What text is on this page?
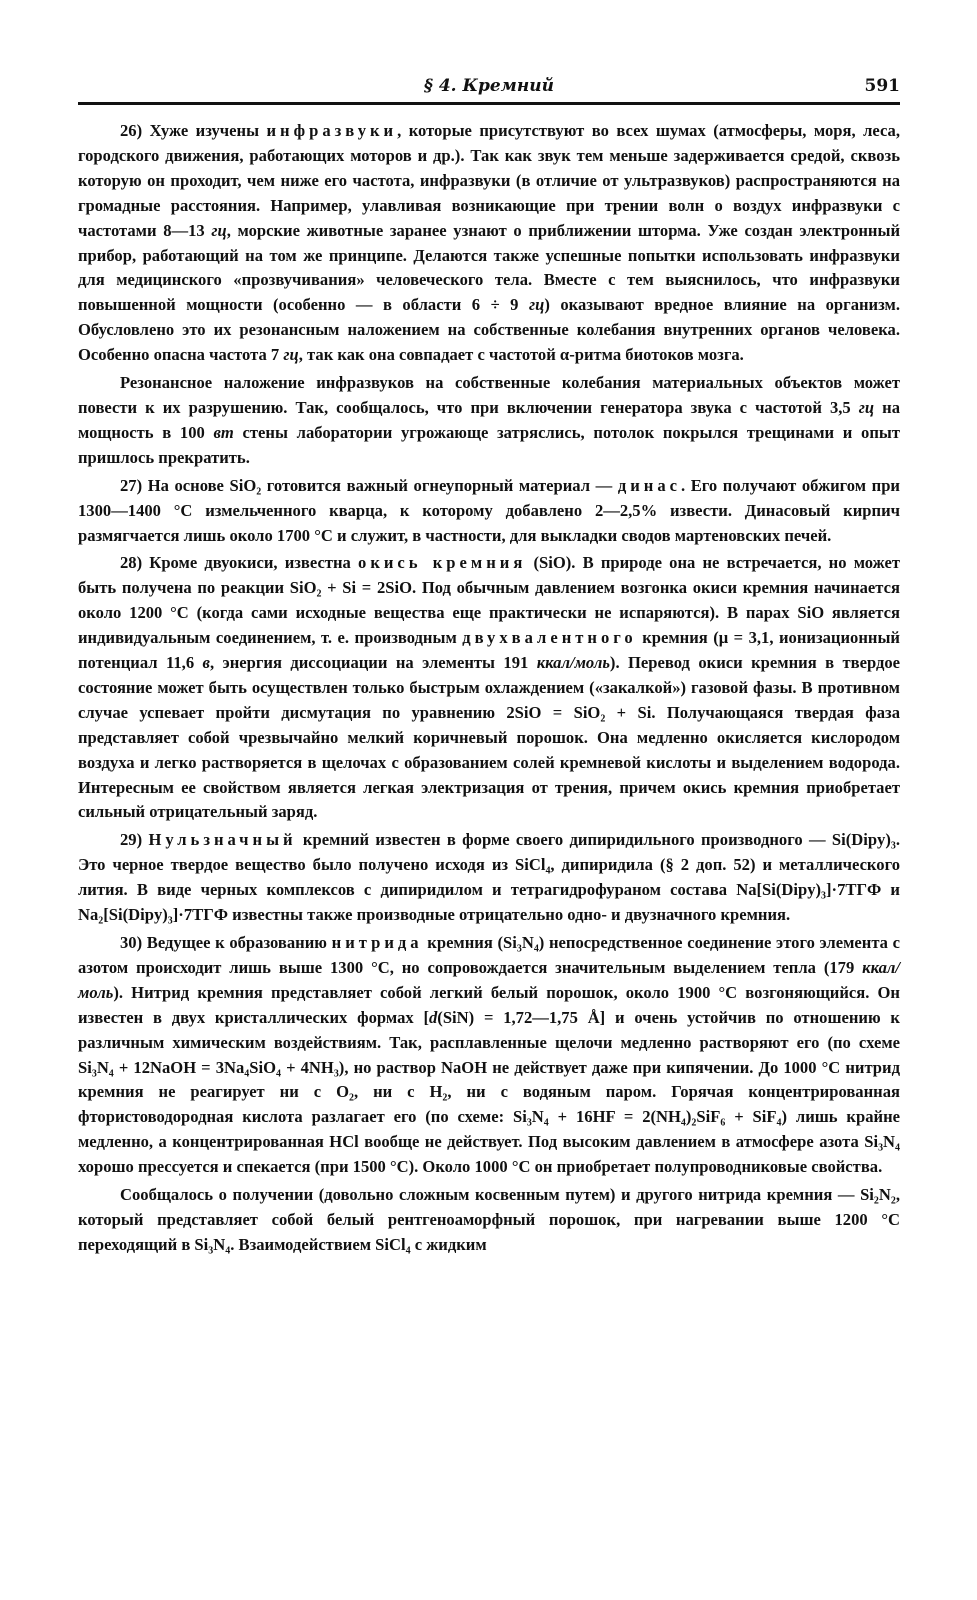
§ 4. Кремний	591

26) Хуже изучены инфразвуки, которые присутствуют во всех шумах (атмосферы, моря, леса, городского движения, работающих моторов и др.). Так как звук тем меньше задерживается средой, сквозь которую он проходит, чем ниже его частота, инфразвуки (в отличие от ультразвуков) распространяются на громадные расстояния. Например, улавливая возникающие при трении волн о воздух инфразвуки с частотами 8—13 гц, морские животные заранее узнают о приближении шторма. Уже создан электронный прибор, работающий на том же принципе. Делаются также успешные попытки использовать инфразвуки для медицинского «прозвучивания» человеческого тела. Вместе с тем выяснилось, что инфразвуки повышенной мощности (особенно — в области 6 ÷ 9 гц) оказывают вредное влияние на организм. Обусловлено это их резонансным наложением на собственные колебания внутренних органов человека. Особенно опасна частота 7 гц, так как она совпадает с частотой α-ритма биотоков мозга.

Резонансное наложение инфразвуков на собственные колебания материальных объектов может повести к их разрушению. Так, сообщалось, что при включении генератора звука с частотой 3,5 гц на мощность в 100 вт стены лаборатории угрожающе затряслись, потолок покрылся трещинами и опыт пришлось прекратить.

27) На основе SiO₂ готовится важный огнеупорный материал — динас. Его получают обжигом при 1300—1400 °C измельченного кварца, к которому добавлено 2—2,5% извести. Динасовый кирпич размягчается лишь около 1700 °C и служит, в частности, для выкладки сводов мартеновских печей.

28) Кроме двуокиси, известна окись кремния (SiO). В природе она не встречается, но может быть получена по реакции SiO₂ + Si = 2SiO. Под обычным давлением возгонка окиси кремния начинается около 1200 °C (когда сами исходные вещества еще практически не испаряются). В парах SiO является индивидуальным соединением, т. е. производным двухвалентного кремния (μ = 3,1, ионизационный потенциал 11,6 в, энергия диссоциации на элементы 191 ккал/моль). Перевод окиси кремния в твердое состояние может быть осуществлен только быстрым охлаждением («закалкой») газовой фазы. В противном случае успевает пройти дисмутация по уравнению 2SiO = SiO₂ + Si. Получающаяся твердая фаза представляет собой чрезвычайно мелкий коричневый порошок. Она медленно окисляется кислородом воздуха и легко растворяется в щелочах с образованием солей кремневой кислоты и выделением водорода. Интересным ее свойством является легкая электризация от трения, причем окись кремния приобретает сильный отрицательный заряд.

29) Нульзначный кремний известен в форме своего дипиридильного производного — Si(Dipy)₃. Это черное твердое вещество было получено исходя из SiCl₄, дипиридила (§ 2 доп. 52) и металлического лития. В виде черных комплексов с дипиридилом и тетрагидрофураном состава Na[Si(Dipy)₃]·7ТГФ и Na₂[Si(Dipy)₃]·7ТГФ известны также производные отрицательно одно- и двузначного кремния.

30) Ведущее к образованию нитрида кремния (Si₃N₄) непосредственное соединение этого элемента с азотом происходит лишь выше 1300 °C, но сопровождается значительным выделением тепла (179 ккал/моль). Нитрид кремния представляет собой легкий белый порошок, около 1900 °C возгоняющийся. Он известен в двух кристаллических формах [d(SiN) = 1,72—1,75 Å] и очень устойчив по отношению к различным химическим воздействиям. Так, расплавленные щелочи медленно растворяют его (по схеме Si₃N₄ + 12NaOH = 3Na₄SiO₄ + 4NH₃), но раствор NaOH не действует даже при кипячении. До 1000 °C нитрид кремния не реагирует ни с O₂, ни с H₂, ни с водяным паром. Горячая концентрированная фтористоводородная кислота разлагает его (по схеме: Si₃N₄ + 16HF = 2(NH₄)₂SiF₆ + SiF₄) лишь крайне медленно, а концентрированная HCl вообще не действует. Под высоким давлением в атмосфере азота Si₃N₄ хорошо прессуется и спекается (при 1500 °C). Около 1000 °C он приобретает полупроводниковые свойства.

Сообщалось о получении (довольно сложным косвенным путем) и другого нитрида кремния — Si₂N₂, который представляет собой белый рентгеноаморфный порошок, при нагревании выше 1200 °C переходящий в Si₃N₄. Взаимодействием SiCl₄ с жидким
